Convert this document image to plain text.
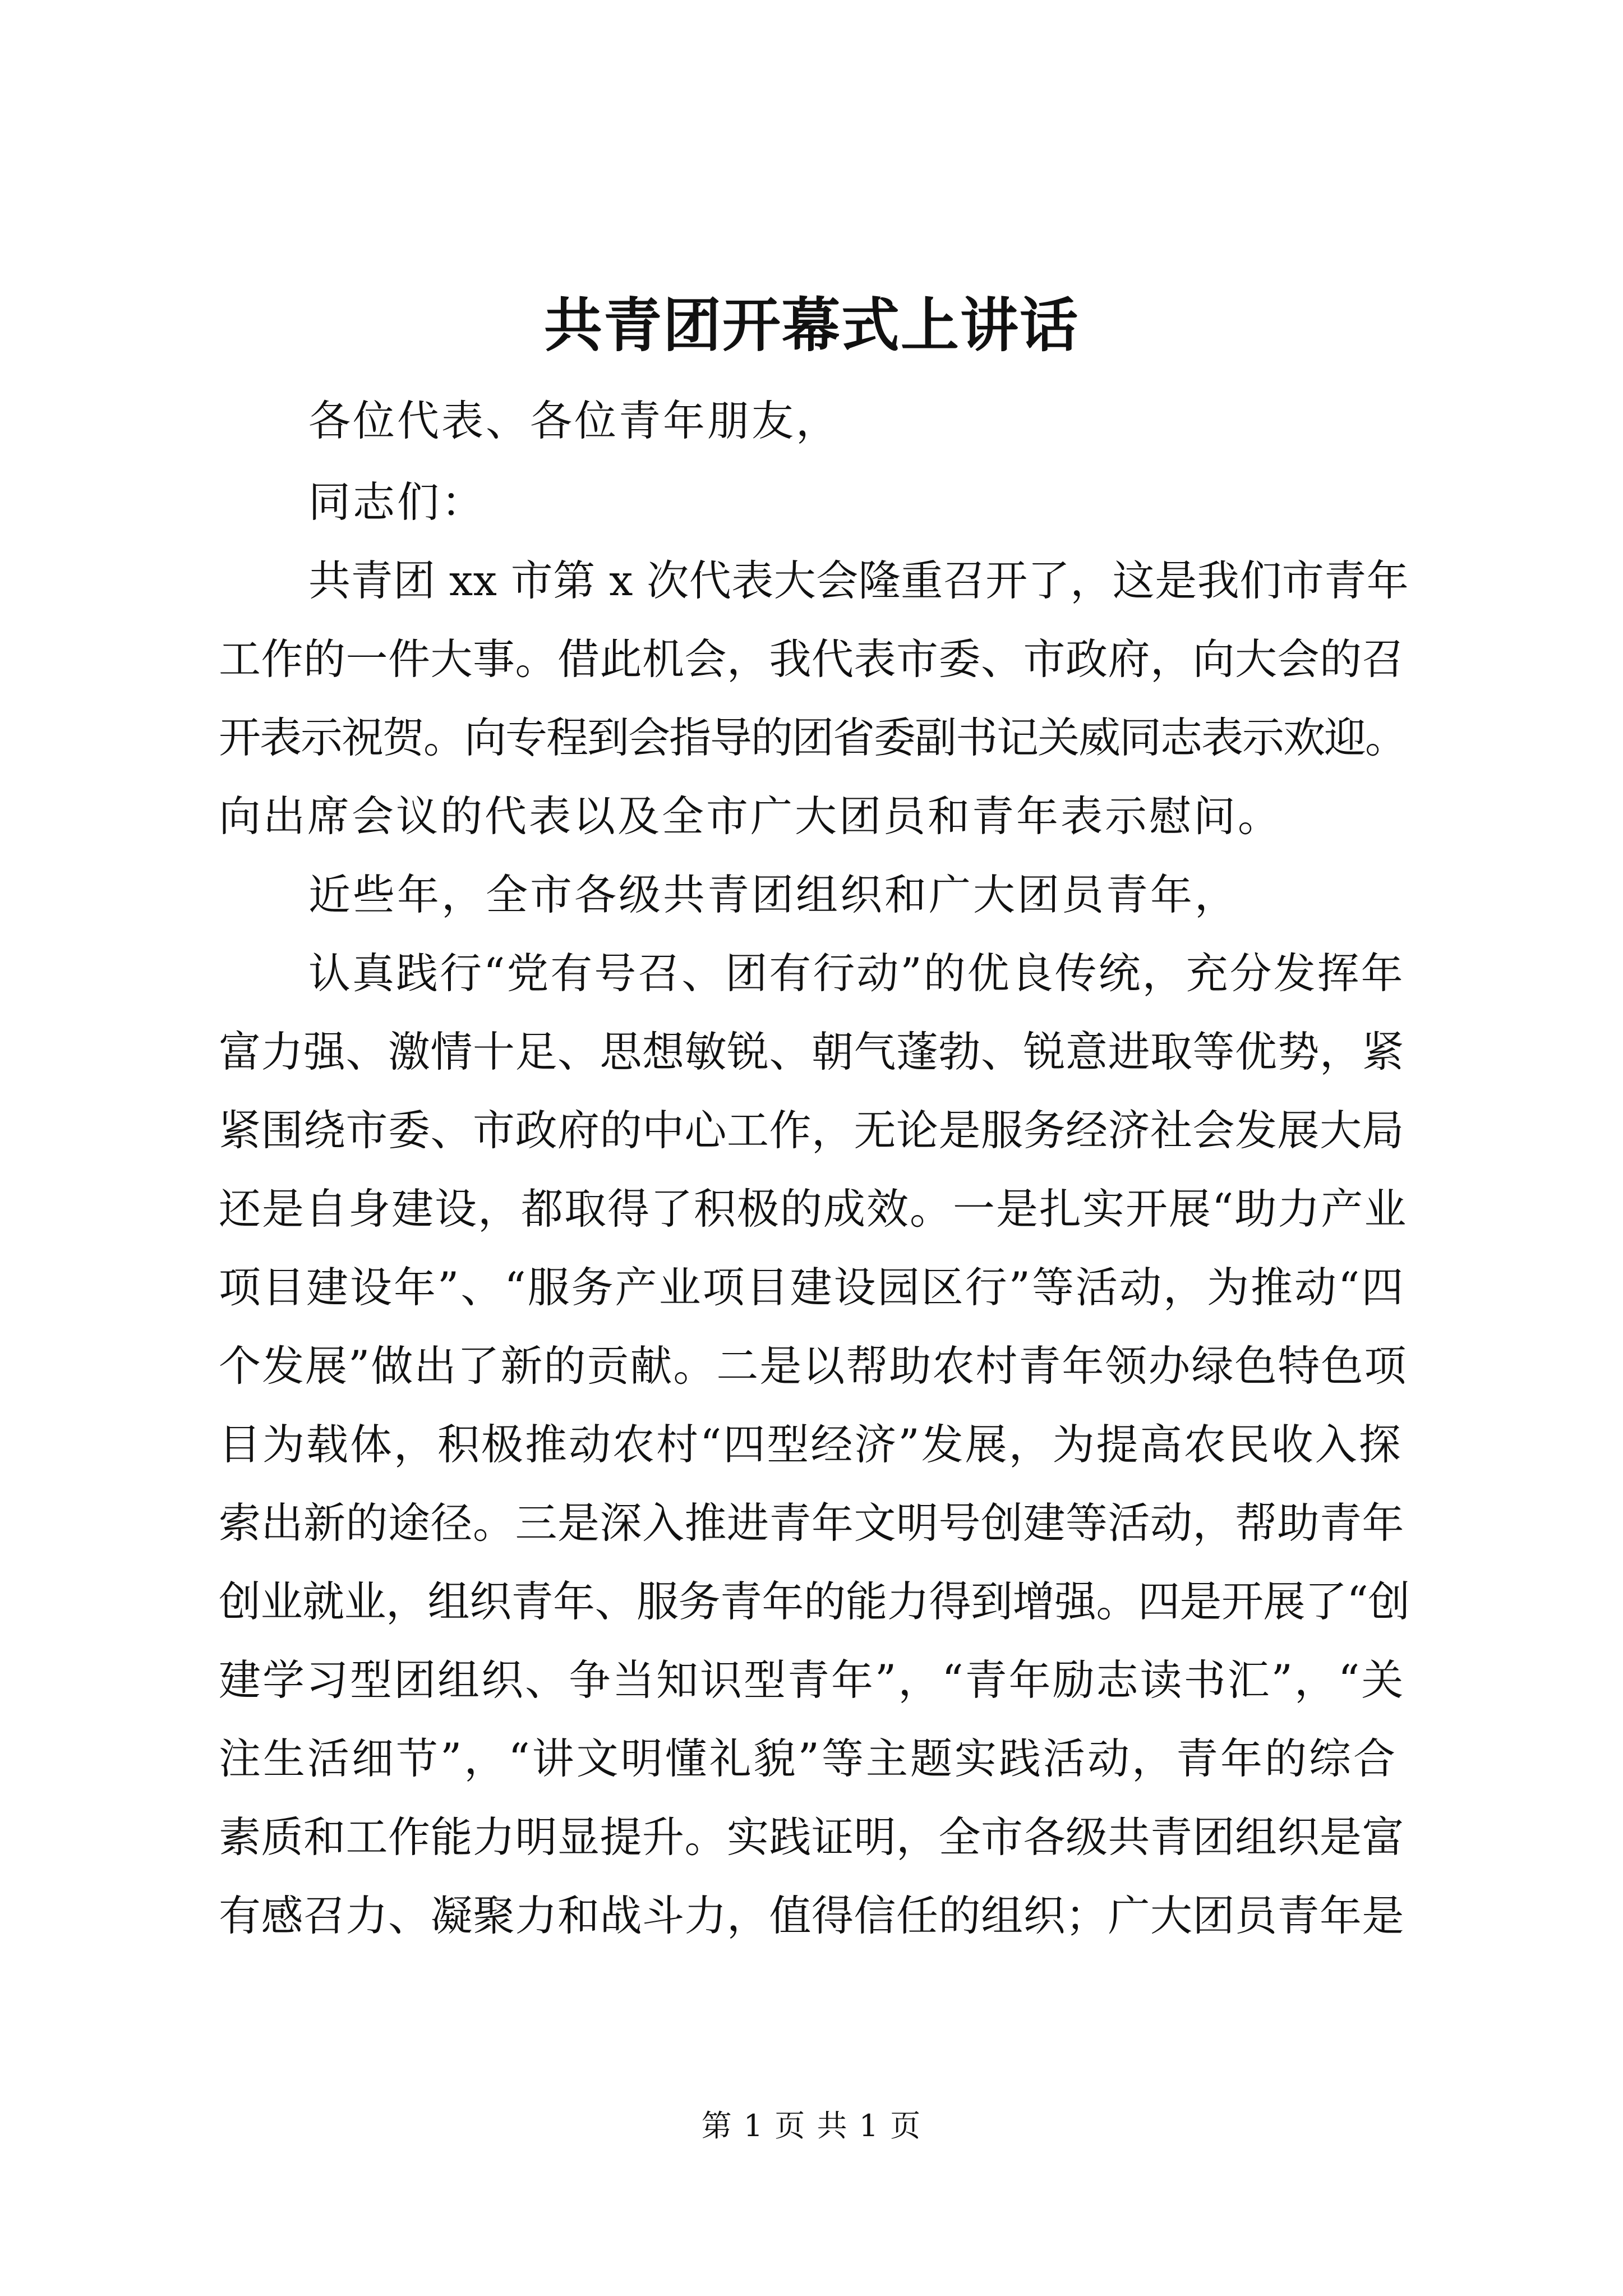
共青团开幕式上讲话
各位代表、各位青年朋友，
同志们：
共青团 xx 市第 x 次代表大会隆重召开了，这是我们市青年
工作的一件大事。借此机会，我代表市委、市政府，向大会的召
开表示祝贺。向专程到会指导的团省委副书记关威同志表示欢迎。
向出席会议的代表以及全市广大团员和青年表示慰问。
近些年，全市各级共青团组织和广大团员青年，
认真践行“党有号召、团有行动”的优良传统，充分发挥年
富力强、激情十足、思想敏锐、朝气蓬勃、锐意进取等优势，紧
紧围绕市委、市政府的中心工作，无论是服务经济社会发展大局
还是自身建设，都取得了积极的成效。一是扎实开展“助力产业
项目建设年”、“服务产业项目建设园区行”等活动，为推动“四
个发展”做出了新的贡献。二是以帮助农村青年领办绿色特色项
目为载体，积极推动农村“四型经济”发展，为提高农民收入探
索出新的途径。三是深入推进青年文明号创建等活动，帮助青年
创业就业，组织青年、服务青年的能力得到增强。四是开展了“创
建学习型团组织、争当知识型青年”，“青年励志读书汇”，“关
注生活细节”，“讲文明懂礼貌”等主题实践活动，青年的综合
素质和工作能力明显提升。实践证明，全市各级共青团组织是富
有感召力、凝聚力和战斗力，值得信任的组织；广大团员青年是
第 1 页 共 1 页
